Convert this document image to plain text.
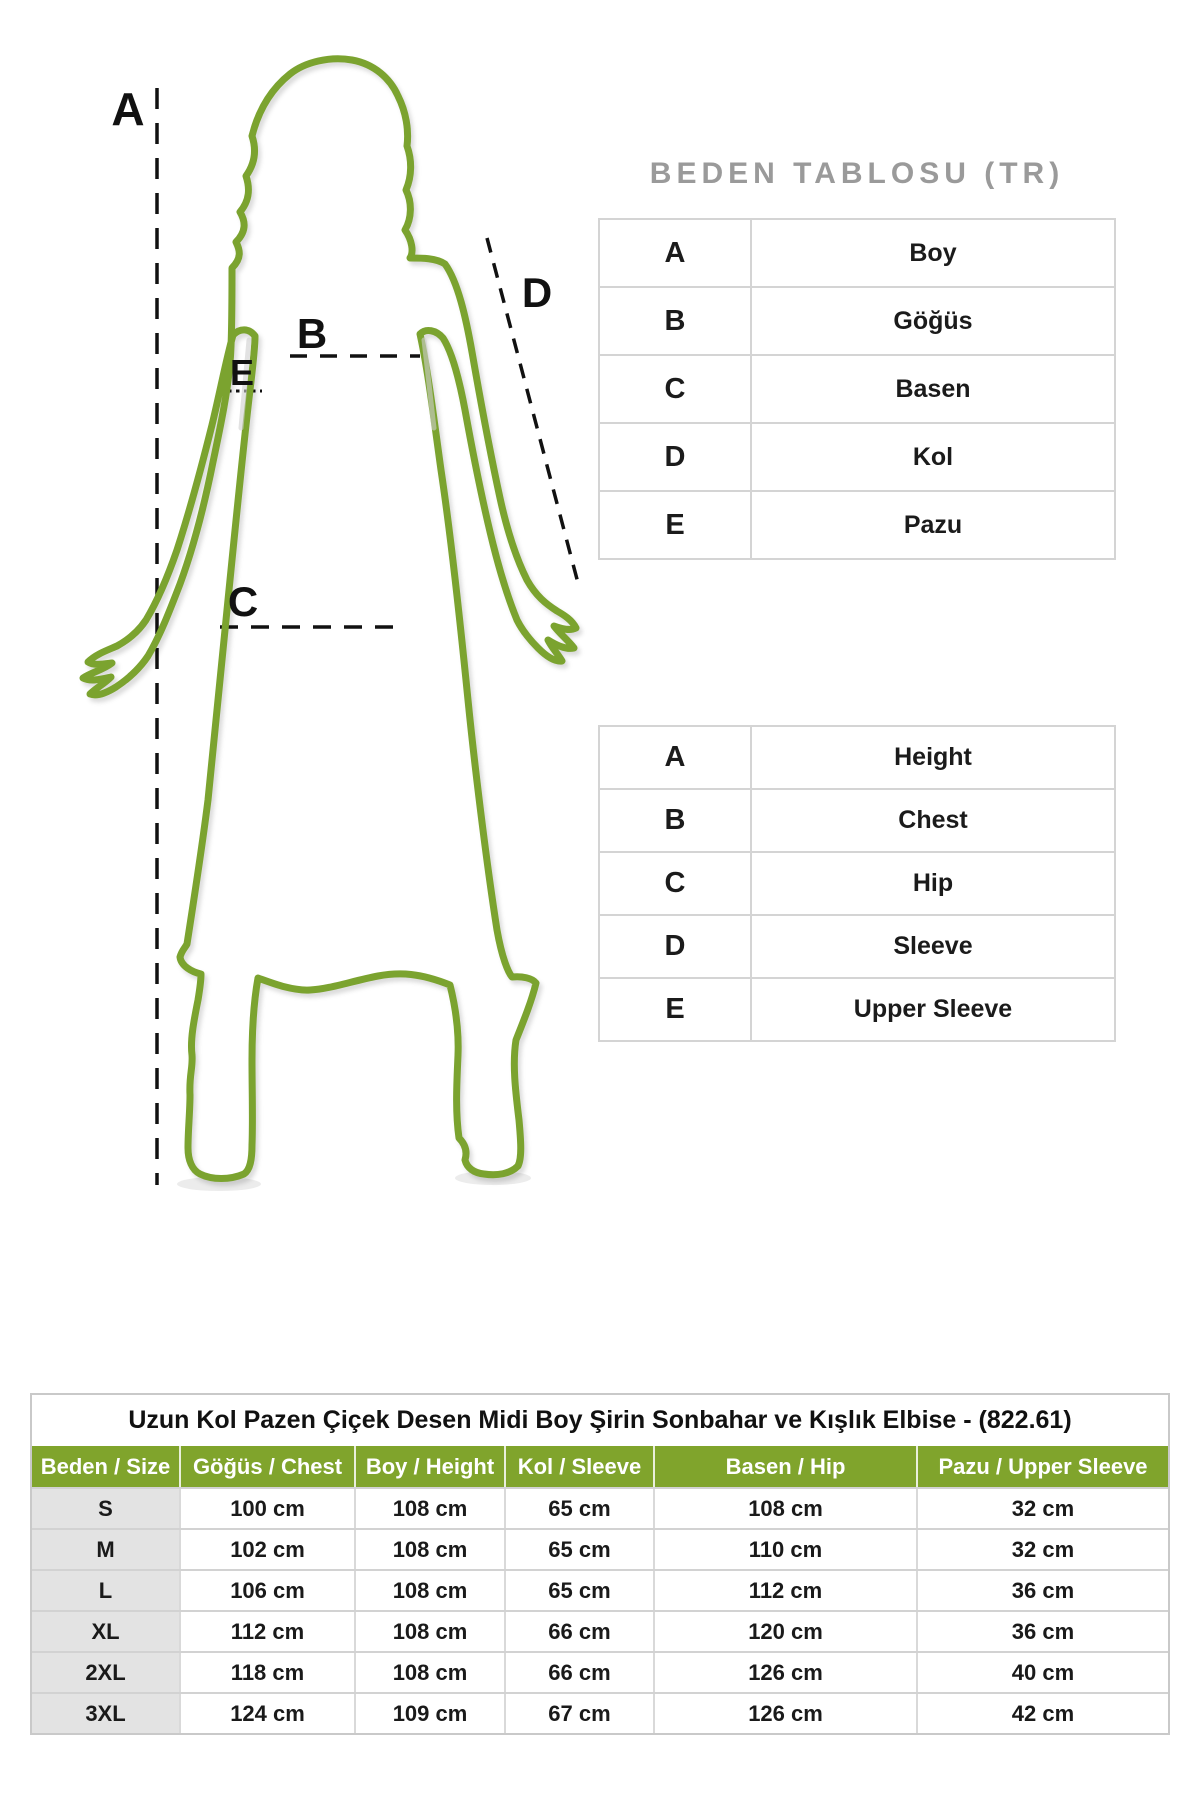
A
B
C
D
E
BEDEN TABLOSU (TR)
A	Boy
B	Göğüs
C	Basen
D	Kol
E	Pazu
A	Height
B	Chest
C	Hip
D	Sleeve
E	Upper Sleeve
Uzun Kol Pazen Çiçek Desen Midi Boy Şirin Sonbahar ve Kışlık Elbise - (822.61)
Beden / Size	Göğüs / Chest	Boy / Height	Kol / Sleeve	Basen / Hip	Pazu / Upper Sleeve
S	100 cm	108 cm	65 cm	108 cm	32 cm
M	102 cm	108 cm	65 cm	110 cm	32 cm
L	106 cm	108 cm	65 cm	112 cm	36 cm
XL	112 cm	108 cm	66 cm	120 cm	36 cm
2XL	118 cm	108 cm	66 cm	126 cm	40 cm
3XL	124 cm	109 cm	67 cm	126 cm	42 cm
